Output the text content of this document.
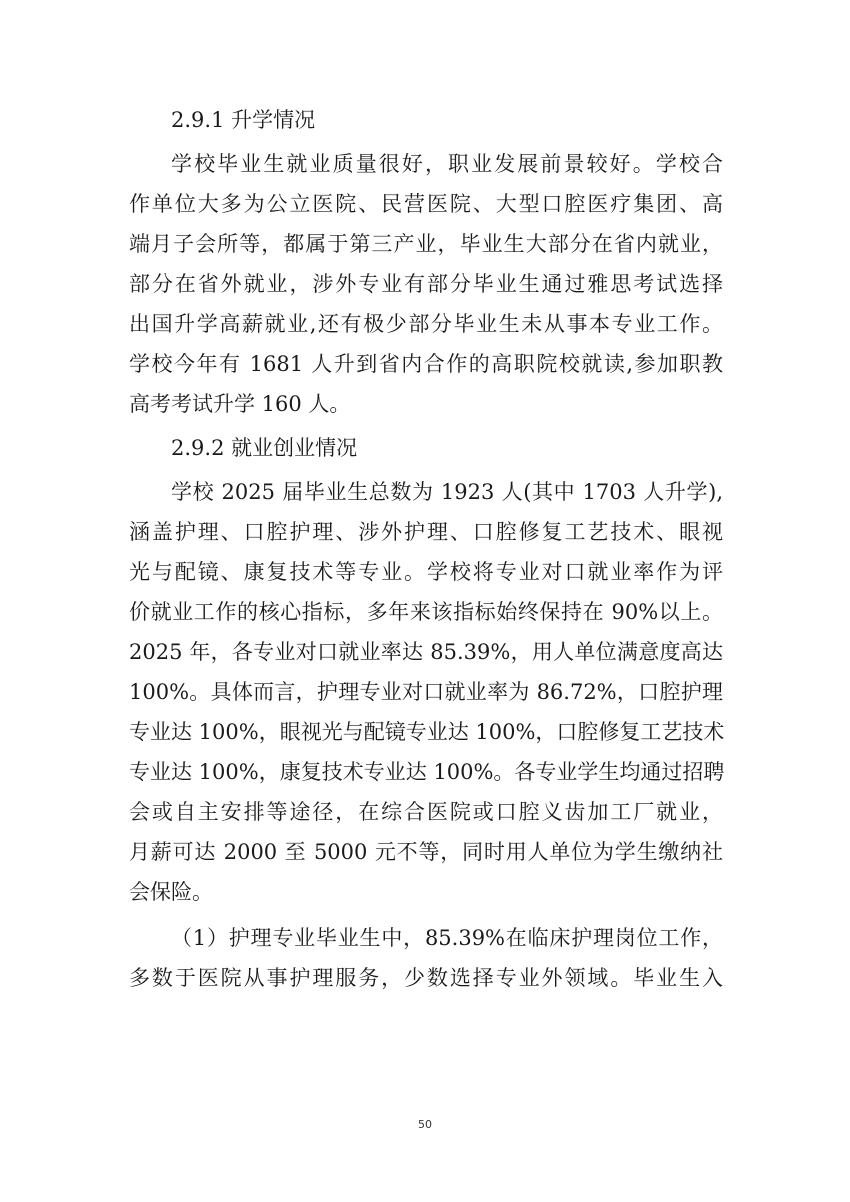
2.9.1 升学情况
学校毕业生就业质量很好，职业发展前景较好。学校合
作单位大多为公立医院、民营医院、大型口腔医疗集团、高
端月子会所等，都属于第三产业，毕业生大部分在省内就业，
部分在省外就业，涉外专业有部分毕业生通过雅思考试选择
出国升学高薪就业,还有极少部分毕业生未从事本专业工作。
学校今年有 1681 人升到省内合作的高职院校就读,参加职教
高考考试升学 160 人。
2.9.2 就业创业情况
学校 2025 届毕业生总数为 1923 人(其中 1703 人升学),
涵盖护理、口腔护理、涉外护理、口腔修复工艺技术、眼视
光与配镜、康复技术等专业。学校将专业对口就业率作为评
价就业工作的核心指标，多年来该指标始终保持在 90%以上。
2025 年，各专业对口就业率达 85.39%，用人单位满意度高达
100%。具体而言，护理专业对口就业率为 86.72%，口腔护理
专业达 100%，眼视光与配镜专业达 100%，口腔修复工艺技术
专业达 100%，康复技术专业达 100%。各专业学生均通过招聘
会或自主安排等途径，在综合医院或口腔义齿加工厂就业，
月薪可达 2000 至 5000 元不等，同时用人单位为学生缴纳社
会保险。
（1）护理专业毕业生中，85.39%在临床护理岗位工作，
多数于医院从事护理服务，少数选择专业外领域。毕业生入
50
